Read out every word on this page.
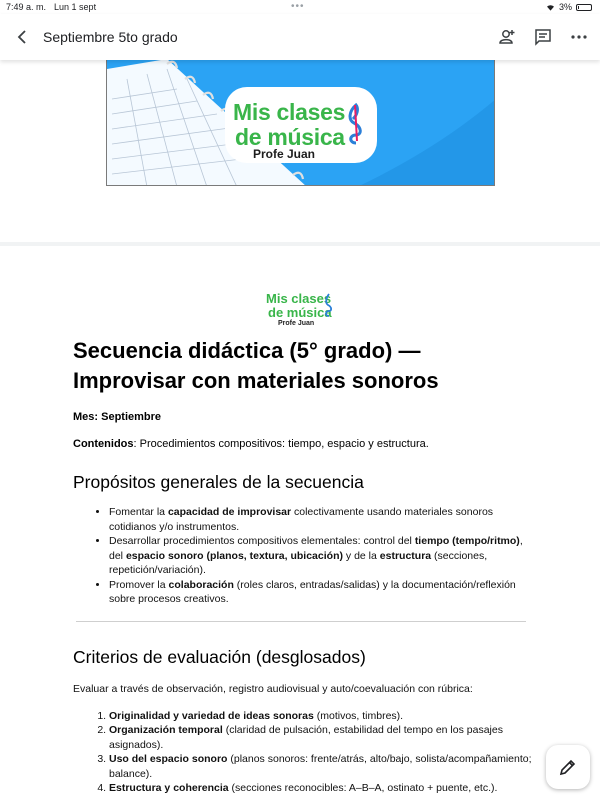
7:49 a. m. Lun 1 sept	•••	3%
Septiembre 5to grado
Mis clases
de música
Profe Juan
Mis clases
de música
Profe Juan
Secuencia didáctica (5° grado) — Improvisar con materiales sonoros
Mes: Septiembre
Contenidos: Procedimientos compositivos: tiempo, espacio y estructura.
Propósitos generales de la secuencia
• Fomentar la capacidad de improvisar colectivamente usando materiales sonoros cotidianos y/o instrumentos.
• Desarrollar procedimientos compositivos elementales: control del tiempo (tempo/ritmo), del espacio sonoro (planos, textura, ubicación) y de la estructura (secciones, repetición/variación).
• Promover la colaboración (roles claros, entradas/salidas) y la documentación/reflexión sobre procesos creativos.
Criterios de evaluación (desglosados)
Evaluar a través de observación, registro audiovisual y auto/coevaluación con rúbrica:
1. Originalidad y variedad de ideas sonoras (motivos, timbres).
2. Organización temporal (claridad de pulsación, estabilidad del tempo en los pasajes asignados).
3. Uso del espacio sonoro (planos sonoros: frente/atrás, alto/bajo, solista/acompañamiento; balance).
4. Estructura y coherencia (secciones reconocibles: A–B–A, ostinato + puente, etc.).
